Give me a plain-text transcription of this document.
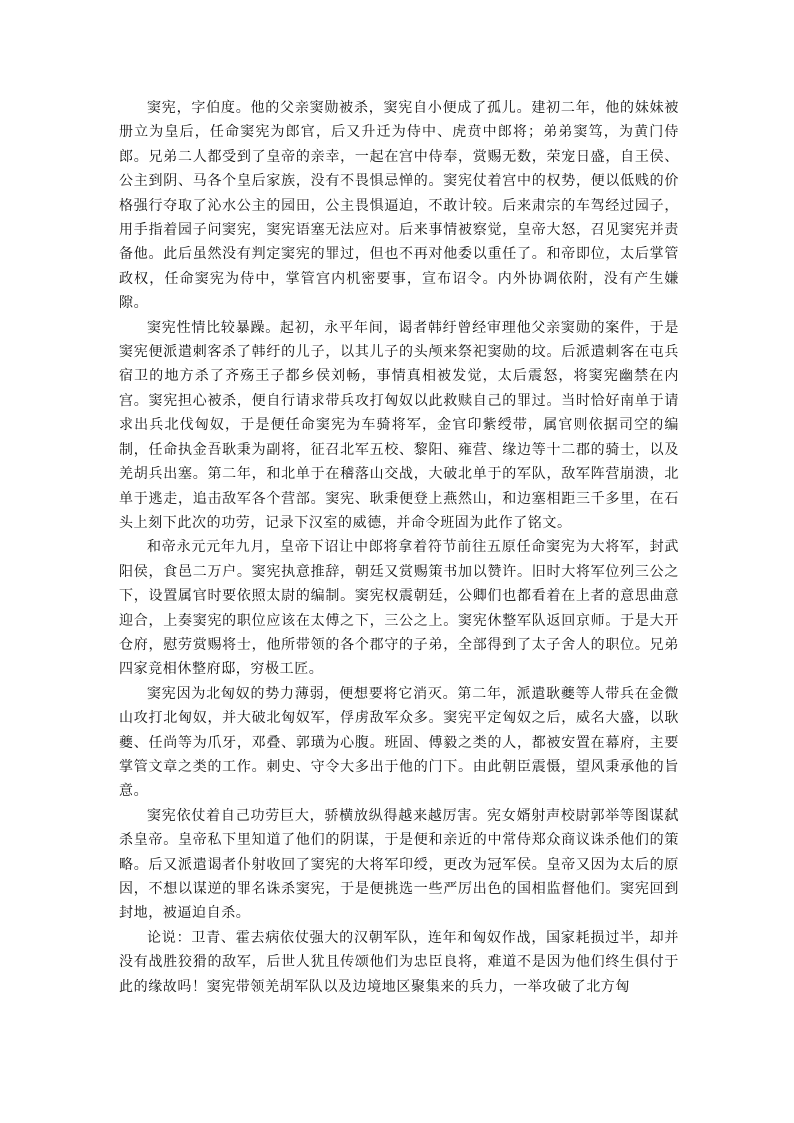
窦宪，字伯度。他的父亲窦勋被杀，窦宪自小便成了孤儿。建初二年，他的妹妹被册立为皇后，任命窦宪为郎官，后又升迁为侍中、虎贲中郎将；弟弟窦笃，为黄门侍郎。兄弟二人都受到了皇帝的亲幸，一起在宫中侍奉，赏赐无数，荣宠日盛，自王侯、公主到阴、马各个皇后家族，没有不畏惧忌惮的。窦宪仗着宫中的权势，便以低贱的价格强行夺取了沁水公主的园田，公主畏惧逼迫，不敢计较。后来肃宗的车驾经过园子，用手指着园子问窦宪，窦宪语塞无法应对。后来事情被察觉，皇帝大怒，召见窦宪并责备他。此后虽然没有判定窦宪的罪过，但也不再对他委以重任了。和帝即位，太后掌管政权，任命窦宪为侍中，掌管宫内机密要事，宣布诏令。内外协调依附，没有产生嫌隙。

窦宪性情比较暴躁。起初，永平年间，谒者韩纡曾经审理他父亲窦勋的案件，于是窦宪便派遣刺客杀了韩纡的儿子，以其儿子的头颅来祭祀窦勋的坟。后派遣刺客在屯兵宿卫的地方杀了齐殇王子都乡侯刘畅，事情真相被发觉，太后震怒，将窦宪幽禁在内宫。窦宪担心被杀，便自行请求带兵攻打匈奴以此救赎自己的罪过。当时恰好南单于请求出兵北伐匈奴，于是便任命窦宪为车骑将军，金官印紫绶带，属官则依据司空的编制，任命执金吾耿秉为副将，征召北军五校、黎阳、雍营、缘边等十二郡的骑士，以及羌胡兵出塞。第二年，和北单于在稽落山交战，大破北单于的军队，敌军阵营崩溃，北单于逃走，追击敌军各个营部。窦宪、耿秉便登上燕然山，和边塞相距三千多里，在石头上刻下此次的功劳，记录下汉室的威德，并命令班固为此作了铭文。

和帝永元元年九月，皇帝下诏让中郎将拿着符节前往五原任命窦宪为大将军，封武阳侯，食邑二万户。窦宪执意推辞，朝廷又赏赐策书加以赞许。旧时大将军位列三公之下，设置属官时要依照太尉的编制。窦宪权震朝廷，公卿们也都看着在上者的意思曲意迎合，上奏窦宪的职位应该在太傅之下，三公之上。窦宪休整军队返回京师。于是大开仓府，慰劳赏赐将士，他所带领的各个郡守的子弟，全部得到了太子舍人的职位。兄弟四家竞相休整府邸，穷极工匠。

窦宪因为北匈奴的势力薄弱，便想要将它消灭。第二年，派遣耿夔等人带兵在金微山攻打北匈奴，并大破北匈奴军，俘虏敌军众多。窦宪平定匈奴之后，威名大盛，以耿夔、任尚等为爪牙，邓叠、郭璜为心腹。班固、傅毅之类的人，都被安置在幕府，主要掌管文章之类的工作。刺史、守令大多出于他的门下。由此朝臣震慑，望风秉承他的旨意。

窦宪依仗着自己功劳巨大，骄横放纵得越来越厉害。宪女婿射声校尉郭举等图谋弑杀皇帝。皇帝私下里知道了他们的阴谋，于是便和亲近的中常侍郑众商议诛杀他们的策略。后又派遣谒者仆射收回了窦宪的大将军印绶，更改为冠军侯。皇帝又因为太后的原因，不想以谋逆的罪名诛杀窦宪，于是便挑选一些严厉出色的国相监督他们。窦宪回到封地，被逼迫自杀。

论说：卫青、霍去病依仗强大的汉朝军队，连年和匈奴作战，国家耗损过半，却并没有战胜狡猾的敌军，后世人犹且传颂他们为忠臣良将，难道不是因为他们终生俱付于此的缘故吗！窦宪带领羌胡军队以及边境地区聚集来的兵力，一举攻破了北方匈
